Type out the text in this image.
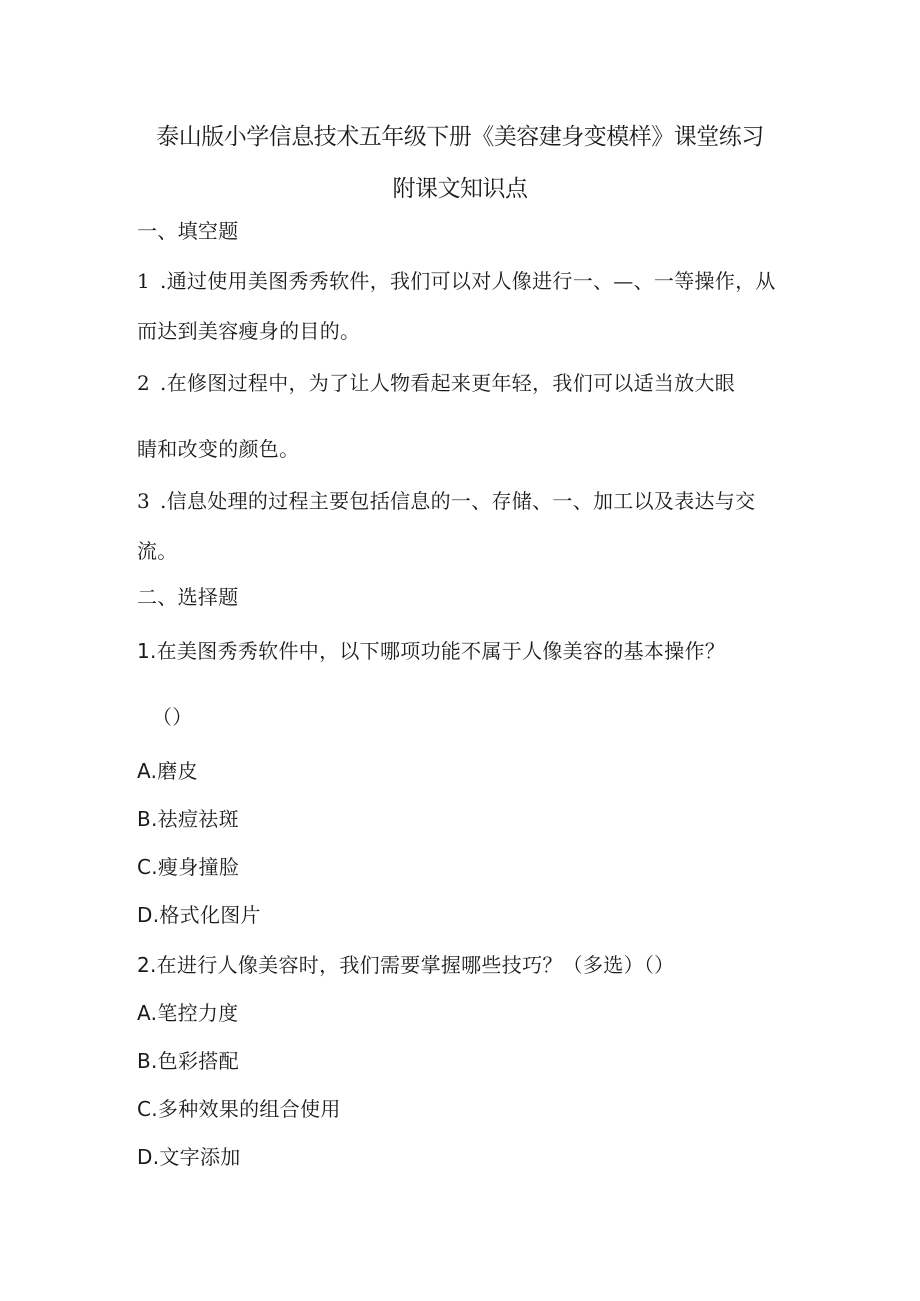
泰山版小学信息技术五年级下册《美容建身变模样》课堂练习
附课文知识点
一、填空题
1 .通过使用美图秀秀软件，我们可以对人像进行一、—、一等操作，从
而达到美容瘦身的目的。
2 .在修图过程中，为了让人物看起来更年轻，我们可以适当放大眼
睛和改变的颜色。
3 .信息处理的过程主要包括信息的一、存储、一、加工以及表达与交
流。
二、选择题
1.在美图秀秀软件中，以下哪项功能不属于人像美容的基本操作？
（）
A.磨皮
B.祛痘祛斑
C.瘦身撞脸
D.格式化图片
2.在进行人像美容时，我们需要掌握哪些技巧？（多选）（）
A.笔控力度
B.色彩搭配
C.多种效果的组合使用
D.文字添加
